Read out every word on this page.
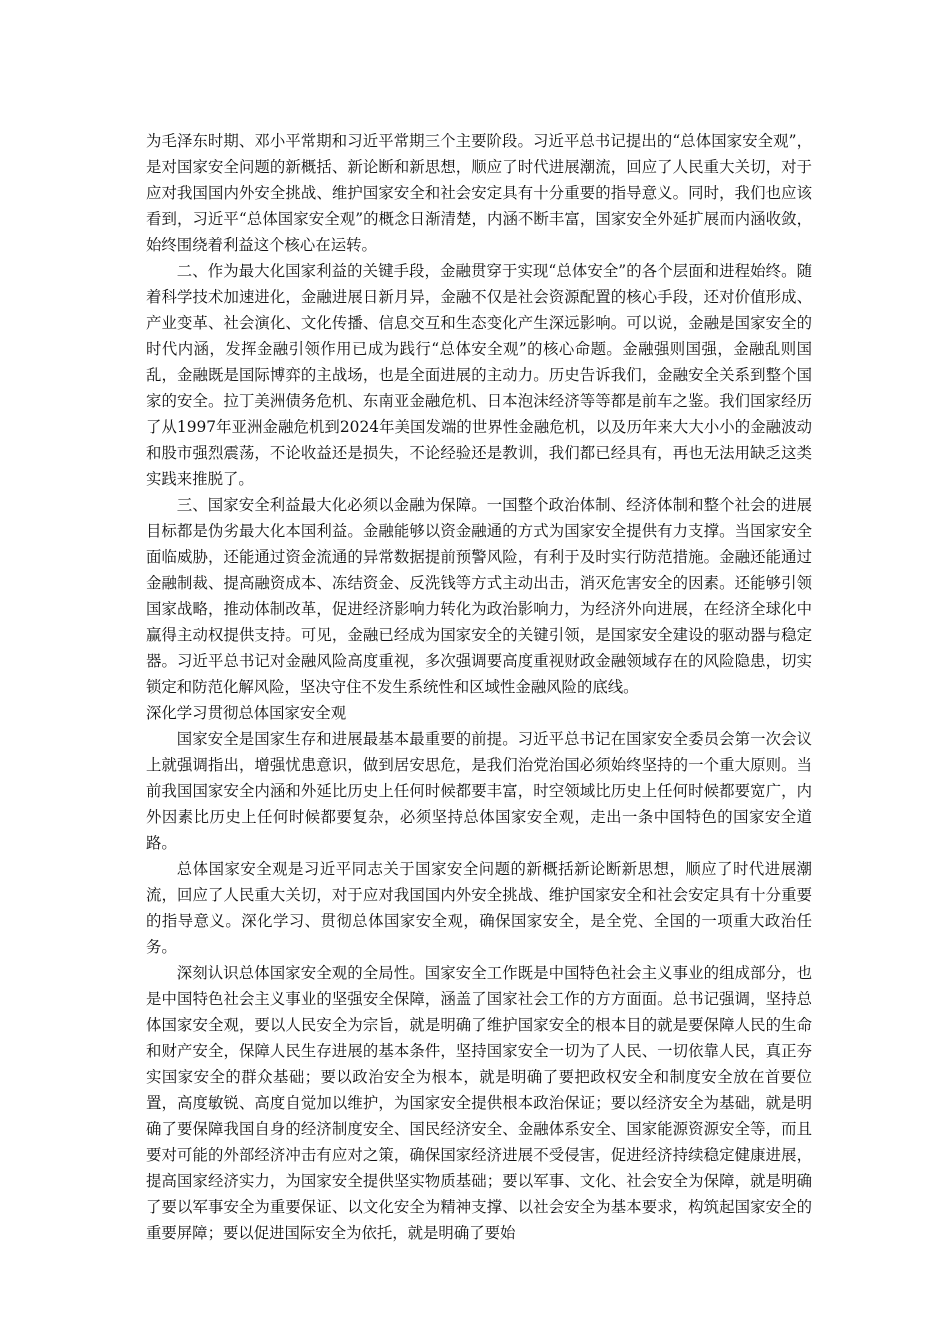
为毛泽东时期、邓小平常期和习近平常期三个主要阶段。习近平总书记提出的“总体国家安全观”，是对国家安全问题的新概括、新论断和新思想，顺应了时代进展潮流，回应了人民重大关切，对于应对我国国内外安全挑战、维护国家安全和社会安定具有十分重要的指导意义。同时，我们也应该看到，习近平“总体国家安全观”的概念日渐清楚，内涵不断丰富，国家安全外延扩展而内涵收敛，始终围绕着利益这个核心在运转。

二、作为最大化国家利益的关键手段，金融贯穿于实现“总体安全”的各个层面和进程始终。随着科学技术加速进化，金融进展日新月异，金融不仅是社会资源配置的核心手段，还对价值形成、产业变革、社会演化、文化传播、信息交互和生态变化产生深远影响。可以说，金融是国家安全的时代内涵，发挥金融引领作用已成为践行“总体安全观”的核心命题。金融强则国强，金融乱则国乱，金融既是国际博弈的主战场，也是全面进展的主动力。历史告诉我们，金融安全关系到整个国家的安全。拉丁美洲债务危机、东南亚金融危机、日本泡沫经济等等都是前车之鉴。我们国家经历了从1997年亚洲金融危机到2024年美国发端的世界性金融危机，以及历年来大大小小的金融波动和股市强烈震荡，不论收益还是损失，不论经验还是教训，我们都已经具有，再也无法用缺乏这类实践来推脱了。

三、国家安全利益最大化必须以金融为保障。一国整个政治体制、经济体制和整个社会的进展目标都是伪劣最大化本国利益。金融能够以资金融通的方式为国家安全提供有力支撑。当国家安全面临威胁，还能通过资金流通的异常数据提前预警风险，有利于及时实行防范措施。金融还能通过金融制裁、提高融资成本、冻结资金、反洗钱等方式主动出击，消灭危害安全的因素。还能够引领国家战略，推动体制改革，促进经济影响力转化为政治影响力，为经济外向进展，在经济全球化中赢得主动权提供支持。可见，金融已经成为国家安全的关键引领，是国家安全建设的驱动器与稳定器。习近平总书记对金融风险高度重视，多次强调要高度重视财政金融领域存在的风险隐患，切实锁定和防范化解风险，坚决守住不发生系统性和区域性金融风险的底线。

深化学习贯彻总体国家安全观

国家安全是国家生存和进展最基本最重要的前提。习近平总书记在国家安全委员会第一次会议上就强调指出，增强忧患意识，做到居安思危，是我们治党治国必须始终坚持的一个重大原则。当前我国国家安全内涵和外延比历史上任何时候都要丰富，时空领域比历史上任何时候都要宽广，内外因素比历史上任何时候都要复杂，必须坚持总体国家安全观，走出一条中国特色的国家安全道路。

总体国家安全观是习近平同志关于国家安全问题的新概括新论断新思想，顺应了时代进展潮流，回应了人民重大关切，对于应对我国国内外安全挑战、维护国家安全和社会安定具有十分重要的指导意义。深化学习、贯彻总体国家安全观，确保国家安全，是全党、全国的一项重大政治任务。

深刻认识总体国家安全观的全局性。国家安全工作既是中国特色社会主义事业的组成部分，也是中国特色社会主义事业的坚强安全保障，涵盖了国家社会工作的方方面面。总书记强调，坚持总体国家安全观，要以人民安全为宗旨，就是明确了维护国家安全的根本目的就是要保障人民的生命和财产安全，保障人民生存进展的基本条件，坚持国家安全一切为了人民、一切依靠人民，真正夯实国家安全的群众基础；要以政治安全为根本，就是明确了要把政权安全和制度安全放在首要位置，高度敏锐、高度自觉加以维护，为国家安全提供根本政治保证；要以经济安全为基础，就是明确了要保障我国自身的经济制度安全、国民经济安全、金融体系安全、国家能源资源安全等，而且要对可能的外部经济冲击有应对之策，确保国家经济进展不受侵害，促进经济持续稳定健康进展，提高国家经济实力，为国家安全提供坚实物质基础；要以军事、文化、社会安全为保障，就是明确了要以军事安全为重要保证、以文化安全为精神支撑、以社会安全为基本要求，构筑起国家安全的重要屏障；要以促进国际安全为依托，就是明确了要始
